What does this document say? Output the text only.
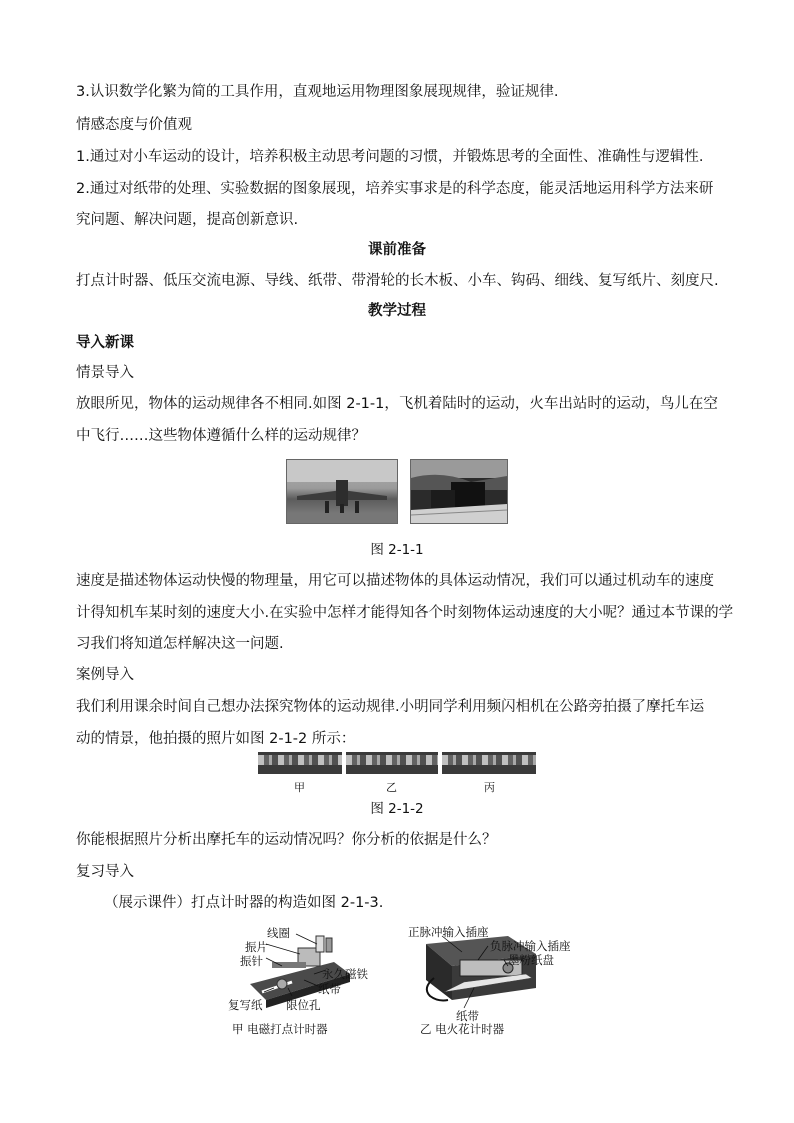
3.认识数学化繁为简的工具作用，直观地运用物理图象展现规律，验证规律.
情感态度与价值观
1.通过对小车运动的设计，培养积极主动思考问题的习惯，并锻炼思考的全面性、准确性与逻辑性.
2.通过对纸带的处理、实验数据的图象展现，培养实事求是的科学态度，能灵活地运用科学方法来研
究问题、解决问题，提高创新意识.
课前准备
打点计时器、低压交流电源、导线、纸带、带滑轮的长木板、小车、钩码、细线、复写纸片、刻度尺.
教学过程
导入新课
情景导入
放眼所见，物体的运动规律各不相同.如图 2-1-1，飞机着陆时的运动，火车出站时的运动，鸟儿在空
中飞行……这些物体遵循什么样的运动规律？
图 2-1-1
速度是描述物体运动快慢的物理量，用它可以描述物体的具体运动情况，我们可以通过机动车的速度
计得知机车某时刻的速度大小.在实验中怎样才能得知各个时刻物体运动速度的大小呢？通过本节课的学
习我们将知道怎样解决这一问题.
案例导入
我们利用课余时间自己想办法探究物体的运动规律.小明同学利用频闪相机在公路旁拍摄了摩托车运
动的情景，他拍摄的照片如图 2-1-2 所示：
甲	乙	丙
图 2-1-2
你能根据照片分析出摩托车的运动情况吗？你分析的依据是什么？
复习导入
（展示课件）打点计时器的构造如图 2-1-3.
线圈
振片
振针
永久磁铁
纸带
复写纸 限位孔
甲 电磁打点计时器
正脉冲输入插座
负脉冲输入插座
墨粉纸盘
纸带
乙 电火花计时器
